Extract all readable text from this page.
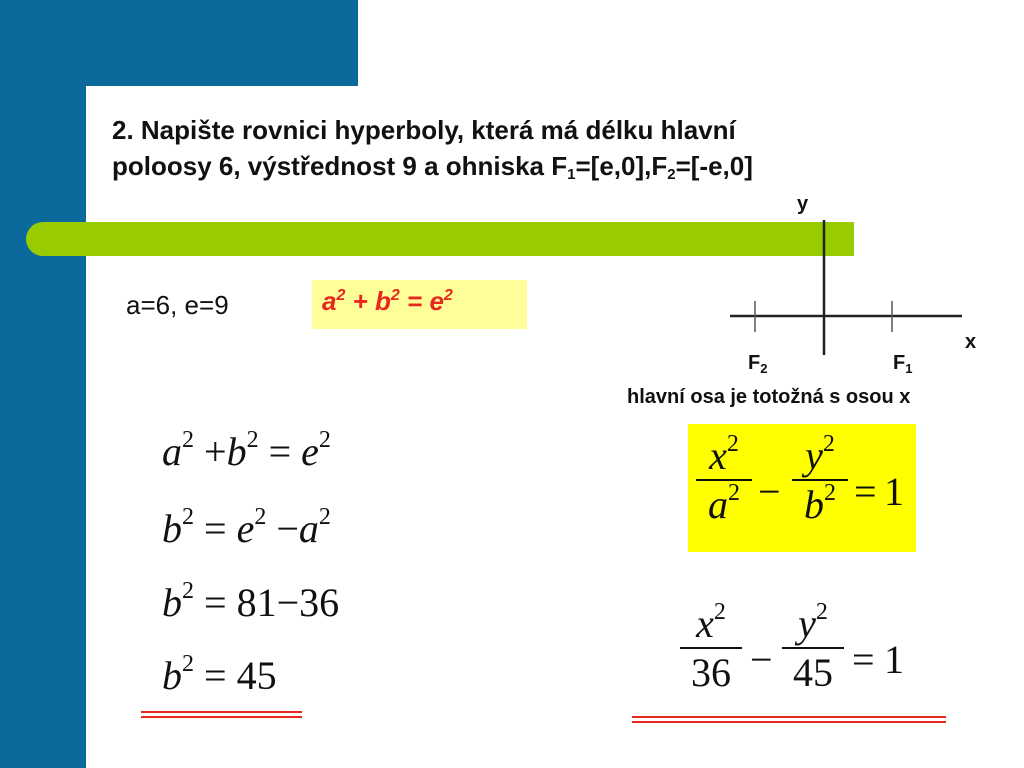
2. Napište rovnici hyperboly, která má délku hlavní
poloosy 6, výstřednost 9 a ohniska $F_1=[e,0],F_2=[-e,0]$
a=6, e=9	$a^2 + b^2 = e^2$
y
x
$F_2$	$F_1$
hlavní osa je totožná s osou x
$a^2 +b^2 = e^2$
$b^2 = e^2 -a^2$
$b^2 = 81-36$
$b^2 = 45$
$x^2$
$a^2$ −
$y^2$
$b^2 = 1$
$x^2$
36 −
$y^2$
45 = 1
